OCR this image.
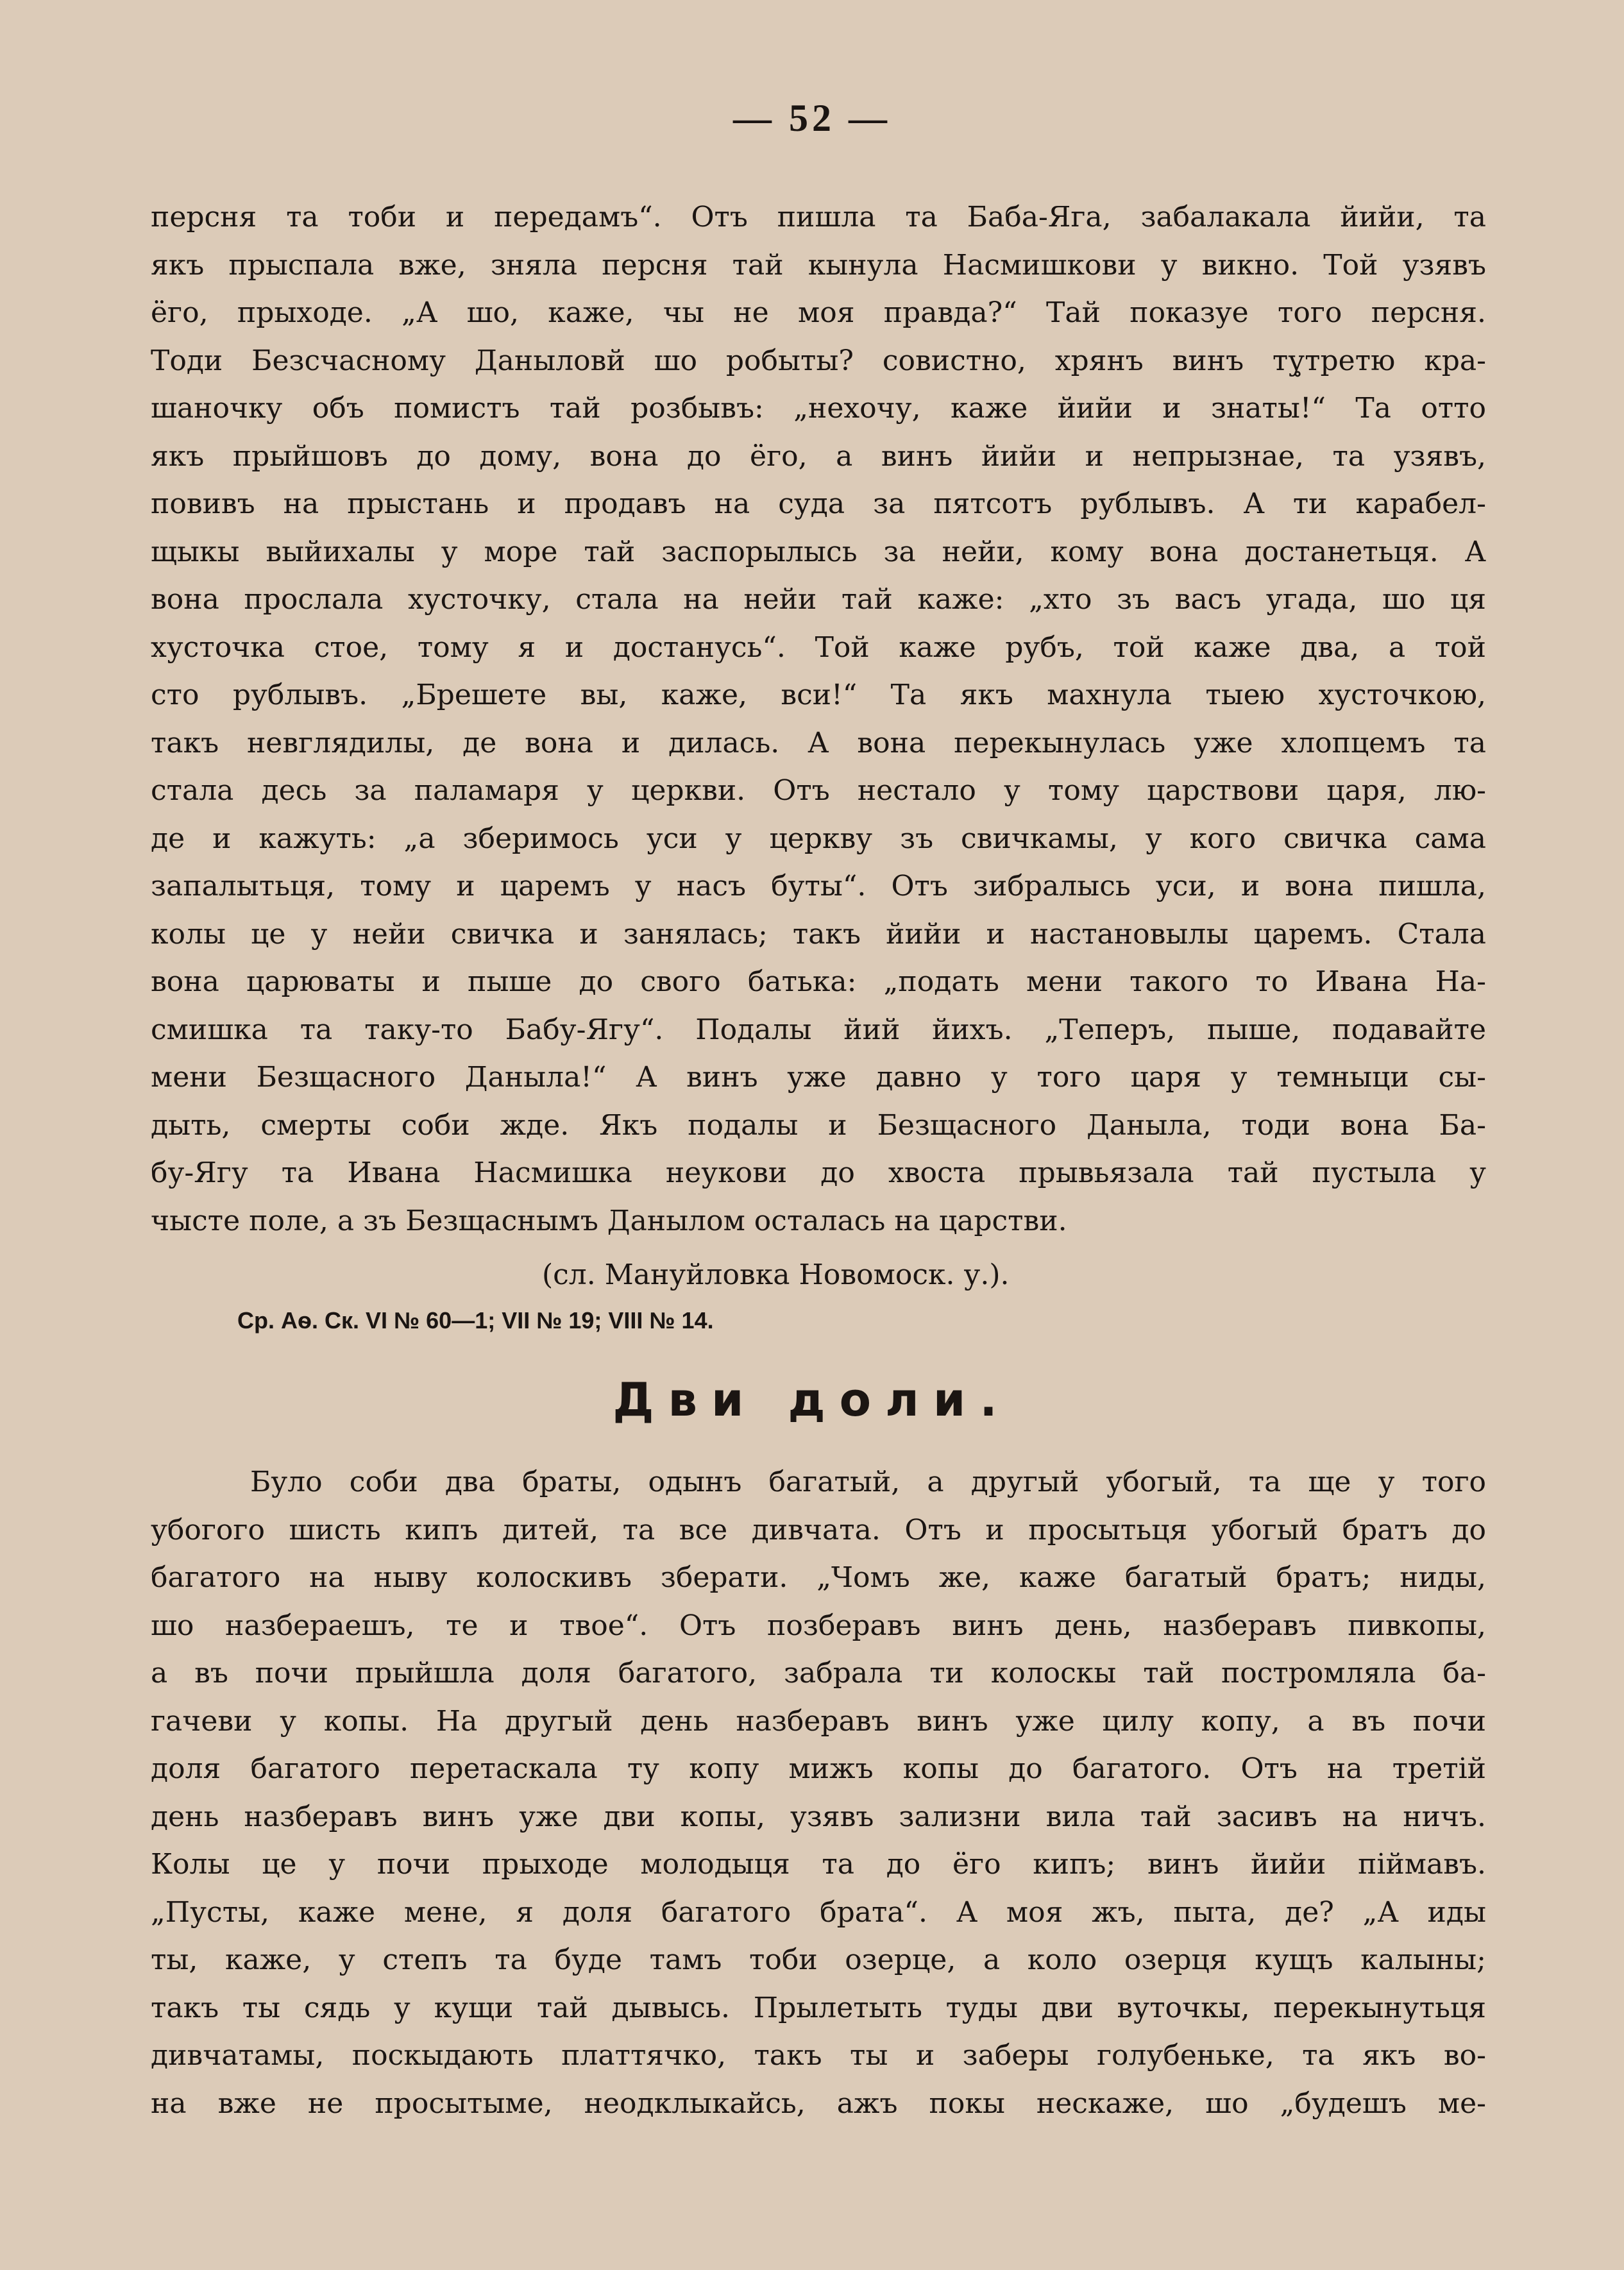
— 52 —
персня та тоби и передамъ“. Отъ пишла та Баба-Яга, забалакала йийи, та
якъ прыспала вже, зняла персня тай кынула Насмишкови у викно. Той узявъ
ёго, прыходе. „А шо, каже, чы не моя правда?“ Тай показуе того персня.
Тоди Безсчасному Даныловй шо робыты? совистно, хрянъ винъ ту̥третю кра-
шаночку объ помистъ тай розбывъ: „нехочу, каже йийи и знаты!“ Та отто
якъ прыйшовъ до дому, вона до ёго, а винъ йийи и непрызнае, та узявъ,
повивъ на прыстань и продавъ на суда за пятсотъ рублывъ. А ти карабел-
щыкы выйихалы у море тай заспорылысь за нейи, кому вона достанетьця. А
вона прослала хусточку, стала на нейи тай каже: „хто зъ васъ угада, шо ця
хусточка стое, тому я и достанусь“. Той каже рубъ, той каже два, а той
сто рублывъ. „Брешете вы, каже, вси!“ Та якъ махнула тыею хусточкою,
такъ невглядилы, де вона и дилась. А вона перекынулась уже хлопцемъ та
стала десь за паламаря у церкви. Отъ нестало у тому царствови царя, лю-
де и кажуть: „а зберимось уси у церкву зъ свичкамы, у кого свичка сама
запалытьця, тому и царемъ у насъ буты“. Отъ зибралысь уси, и вона пишла,
колы це у нейи свичка и занялась; такъ йийи и настановылы царемъ. Стала
вона царюваты и пыше до свого батька: „подать мени такого то Ивана На-
смишка та таку-то Бабу-Ягу“. Подалы йий йихъ. „Теперъ, пыше, подавайте
мени Безщасного Даныла!“ А винъ уже давно у того царя у темныци сы-
дыть, смерты соби жде. Якъ подалы и Безщасного Даныла, тоди вона Ба-
бу-Ягу та Ивана Насмишка неукови до хвоста прывьязала тай пустыла у
чысте поле, а зъ Безщаснымъ Данылом осталась на царстви.
(сл. Мануйловка Новомоск. у.).
Ср. Аѳ. Ск. VI № 60—1; VII № 19; VIII № 14.
Дви доли.
Було соби два браты, одынъ багатый, а другый убогый, та ще у того
убогого шисть кипъ дитей, та все дивчата. Отъ и просытьця убогый братъ до
багатого на ныву колоскивъ зберати. „Чомъ же, каже багатый братъ; ниды,
шо назбераешъ, те и твое“. Отъ позберавъ винъ день, назберавъ пивкопы,
а въ почи прыйшла доля багатого, забрала ти колоскы тай постромляла ба-
гачеви у копы. На другый день назберавъ винъ уже цилу копу, а въ почи
доля багатого перетаскала ту копу мижъ копы до багатого. Отъ на третій
день назберавъ винъ уже дви копы, узявъ зализни вила тай засивъ на ничъ.
Колы це у почи прыходе молодыця та до ёго кипъ; винъ йийи піймавъ.
„Пусты, каже мене, я доля багатого брата“. А моя жъ, пыта, де? „А иды
ты, каже, у степъ та буде тамъ тоби озерце, а коло озерця кущъ калыны;
такъ ты сядь у кущи тай дывысь. Прылетыть туды дви вуточкы, перекынутьця
дивчатамы, поскыдають платтячко, такъ ты и заберы голубеньке, та якъ во-
на вже не просытыме, неодклыкайсь, ажъ покы нескаже, шо „будешъ ме-
